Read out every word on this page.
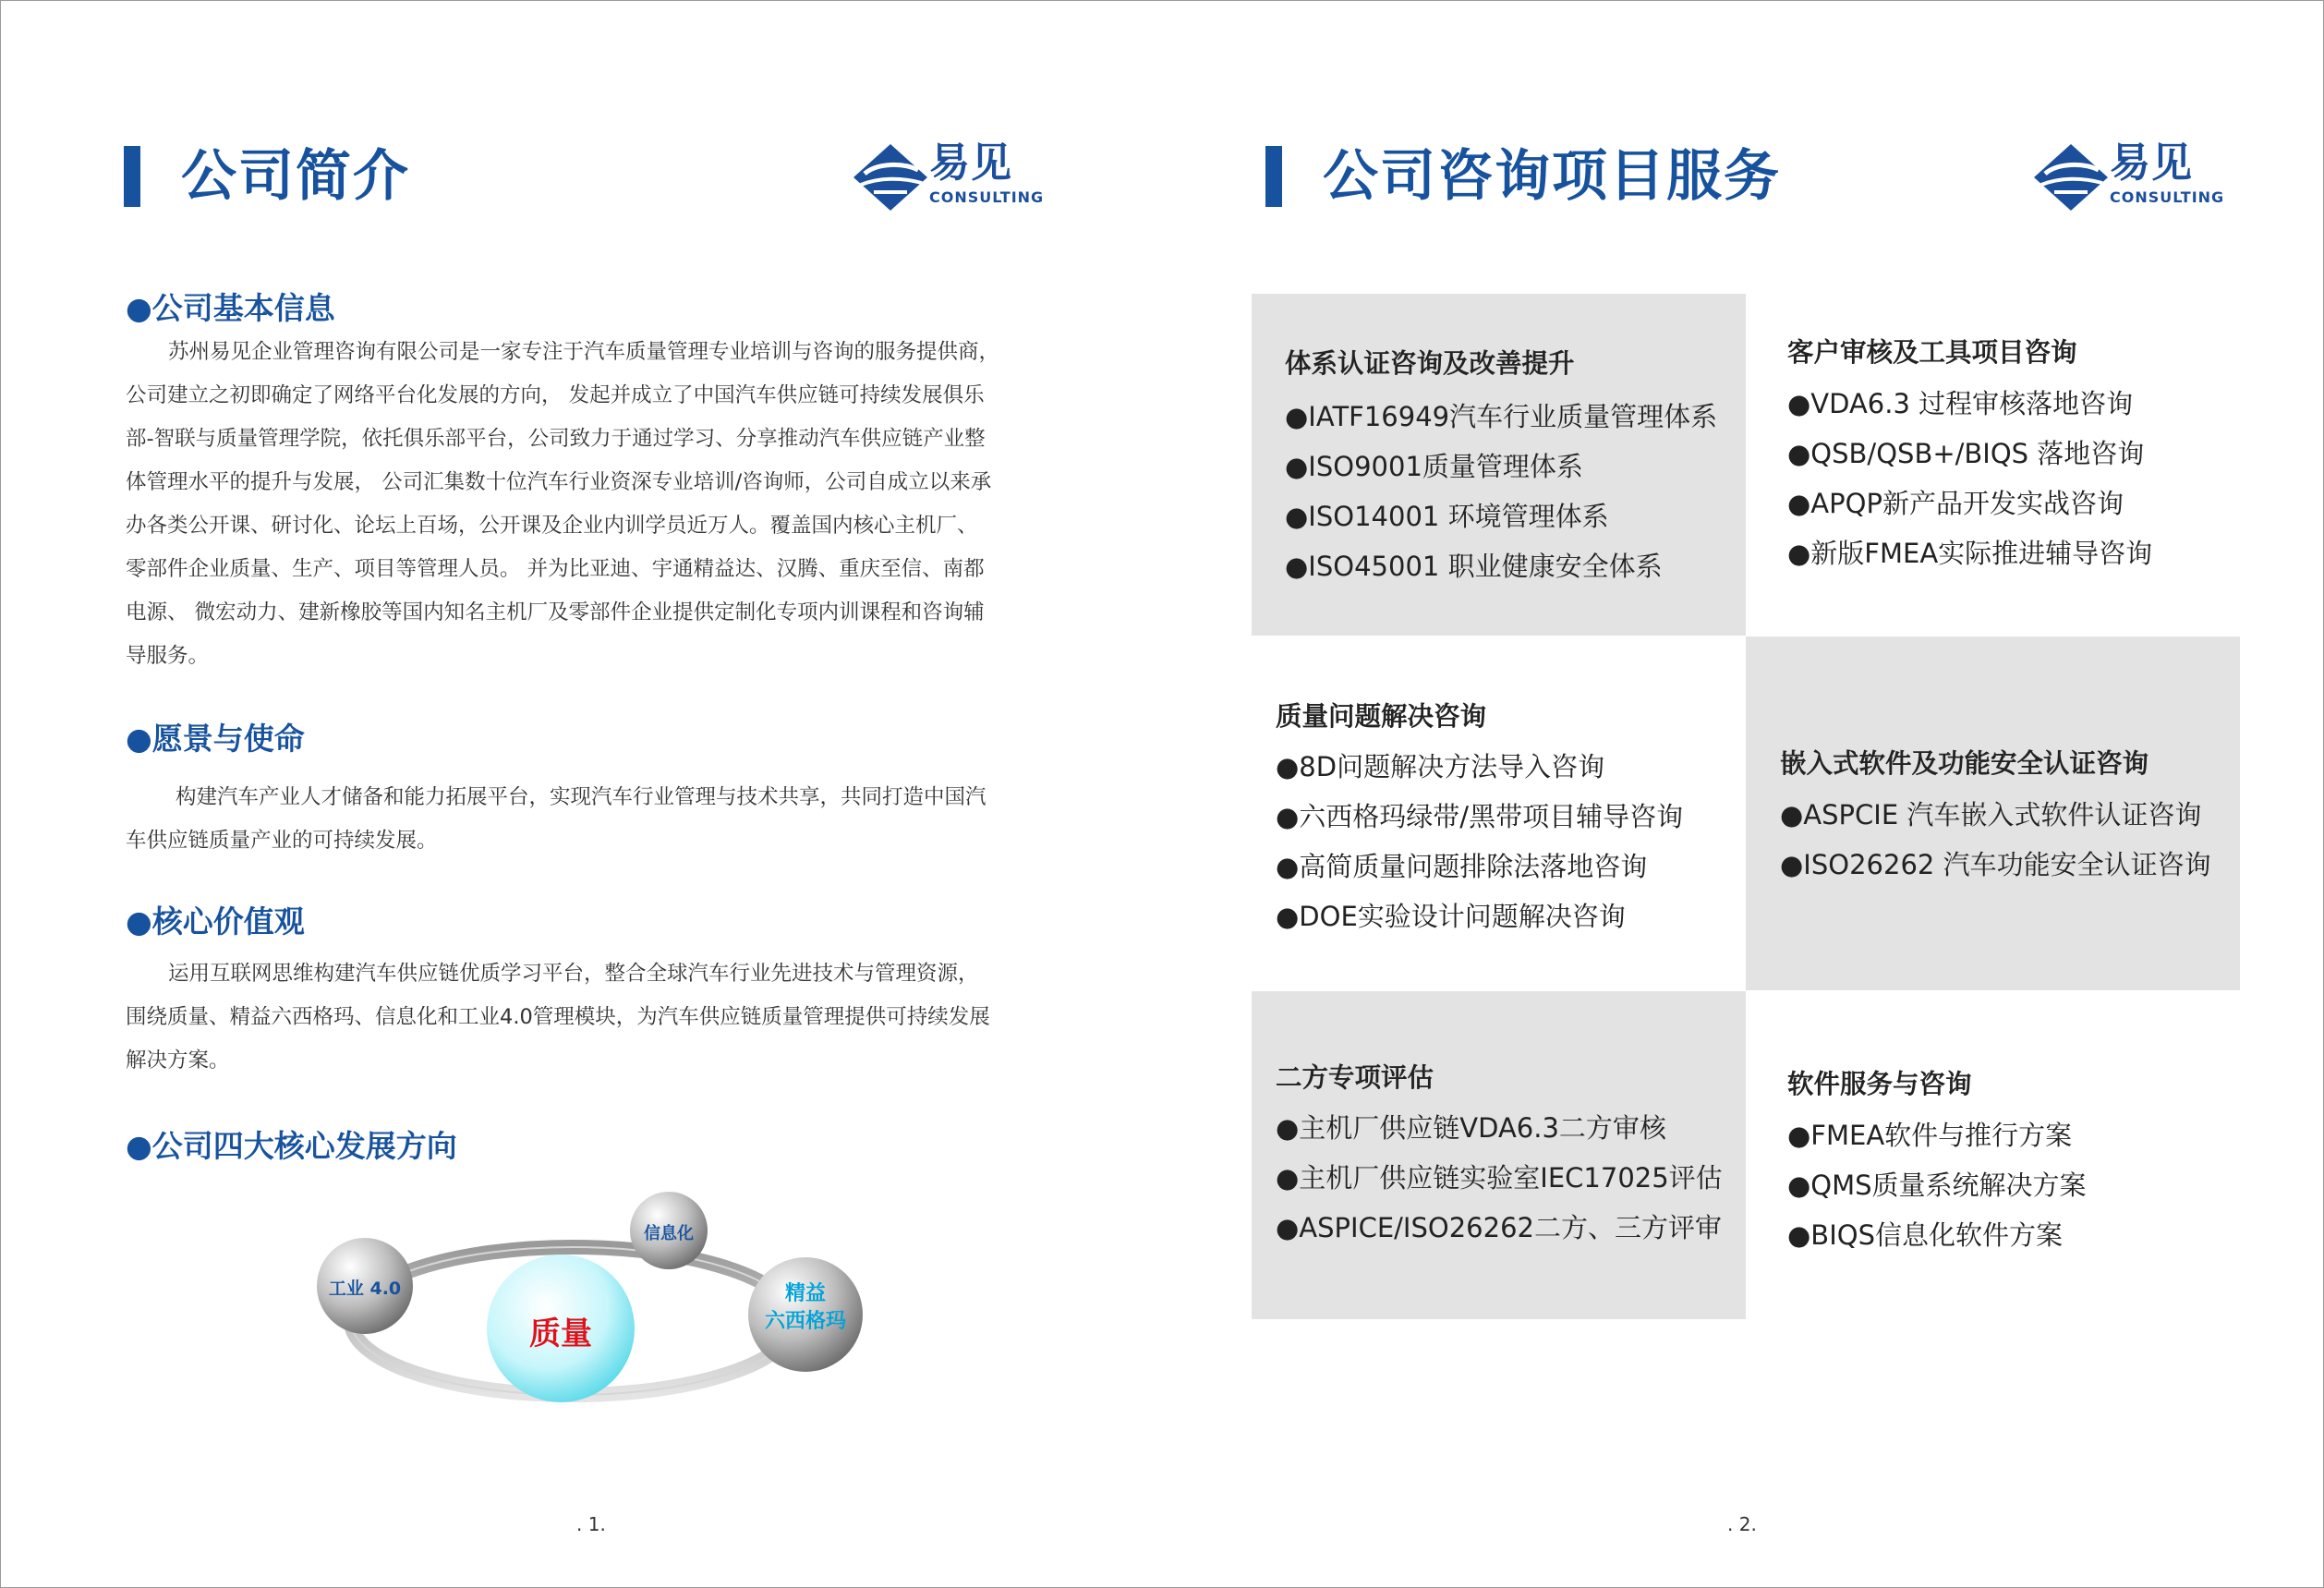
公司简介	易见
CONSULTING
●公司基本信息
苏州易见企业管理咨询有限公司是一家专注于汽车质量管理专业培训与咨询的服务提供商，
公司建立之初即确定了网络平台化发展的方向， 发起并成立了中国汽车供应链可持续发展俱乐
部-智联与质量管理学院，依托俱乐部平台，公司致力于通过学习、分享推动汽车供应链产业整
体管理水平的提升与发展， 公司汇集数十位汽车行业资深专业培训/咨询师，公司自成立以来承
办各类公开课、研讨化、论坛上百场，公开课及企业内训学员近万人。覆盖国内核心主机厂、
零部件企业质量、生产、项目等管理人员。 并为比亚迪、宇通精益达、汉腾、重庆至信、南都
电源、 微宏动力、建新橡胶等国内知名主机厂及零部件企业提供定制化专项内训课程和咨询辅
导服务。
●愿景与使命
构建汽车产业人才储备和能力拓展平台，实现汽车行业管理与技术共享，共同打造中国汽
车供应链质量产业的可持续发展。
●核心价值观
运用互联网思维构建汽车供应链优质学习平台，整合全球汽车行业先进技术与管理资源，
围绕质量、精益六西格玛、信息化和工业4.0管理模块，为汽车供应链质量管理提供可持续发展
解决方案。
●公司四大核心发展方向
工业 4.0
信息化
精益
六西格玛
质量
. 1.
公司咨询项目服务	易见
CONSULTING
体系认证咨询及改善提升
●IATF16949汽车行业质量管理体系
●ISO9001质量管理体系
●ISO14001 环境管理体系
●ISO45001 职业健康安全体系
客户审核及工具项目咨询
●VDA6.3 过程审核落地咨询
●QSB/QSB+/BIQS 落地咨询
●APQP新产品开发实战咨询
●新版FMEA实际推进辅导咨询
质量问题解决咨询
●8D问题解决方法导入咨询
●六西格玛绿带/黑带项目辅导咨询
●高简质量问题排除法落地咨询
●DOE实验设计问题解决咨询
嵌入式软件及功能安全认证咨询
●ASPCIE 汽车嵌入式软件认证咨询
●ISO26262 汽车功能安全认证咨询
二方专项评估
●主机厂供应链VDA6.3二方审核
●主机厂供应链实验室IEC17025评估
●ASPICE/ISO26262二方、三方评审
软件服务与咨询
●FMEA软件与推行方案
●QMS质量系统解决方案
●BIQS信息化软件方案
. 2.
